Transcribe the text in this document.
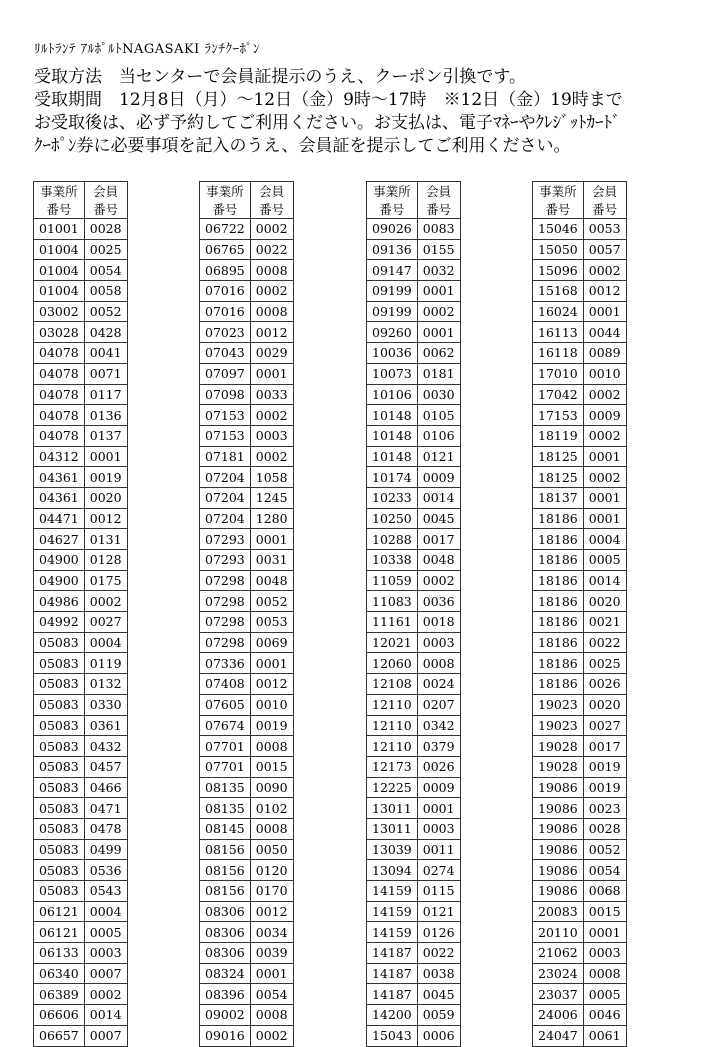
ﾘﾙﾄﾗﾝﾃ ｱﾙﾎﾟﾙﾄNAGASAKI ﾗﾝﾁｸｰﾎﾟﾝ
受取方法　当センターで会員証提示のうえ、クーポン引換です。
受取期間　12月8日（月）〜12日（金）9時〜17時　※12日（金）19時まで
お受取後は、必ず予約してご利用ください。お支払は、電子ﾏﾈｰやｸﾚｼﾞｯﾄｶｰﾄﾞ
ｸｰﾎﾟﾝ券に必要事項を記入のうえ、会員証を提示してご利用ください。
事業所番号	会員番号
01001	0028
01004	0025
01004	0054
01004	0058
03002	0052
03028	0428
04078	0041
04078	0071
04078	0117
04078	0136
04078	0137
04312	0001
04361	0019
04361	0020
04471	0012
04627	0131
04900	0128
04900	0175
04986	0002
04992	0027
05083	0004
05083	0119
05083	0132
05083	0330
05083	0361
05083	0432
05083	0457
05083	0466
05083	0471
05083	0478
05083	0499
05083	0536
05083	0543
06121	0004
06121	0005
06133	0003
06340	0007
06389	0002
06606	0014
06657	0007
事業所番号	会員番号
06722	0002
06765	0022
06895	0008
07016	0002
07016	0008
07023	0012
07043	0029
07097	0001
07098	0033
07153	0002
07153	0003
07181	0002
07204	1058
07204	1245
07204	1280
07293	0001
07293	0031
07298	0048
07298	0052
07298	0053
07298	0069
07336	0001
07408	0012
07605	0010
07674	0019
07701	0008
07701	0015
08135	0090
08135	0102
08145	0008
08156	0050
08156	0120
08156	0170
08306	0012
08306	0034
08306	0039
08324	0001
08396	0054
09002	0008
09016	0002
事業所番号	会員番号
09026	0083
09136	0155
09147	0032
09199	0001
09199	0002
09260	0001
10036	0062
10073	0181
10106	0030
10148	0105
10148	0106
10148	0121
10174	0009
10233	0014
10250	0045
10288	0017
10338	0048
11059	0002
11083	0036
11161	0018
12021	0003
12060	0008
12108	0024
12110	0207
12110	0342
12110	0379
12173	0026
12225	0009
13011	0001
13011	0003
13039	0011
13094	0274
14159	0115
14159	0121
14159	0126
14187	0022
14187	0038
14187	0045
14200	0059
15043	0006
事業所番号	会員番号
15046	0053
15050	0057
15096	0002
15168	0012
16024	0001
16113	0044
16118	0089
17010	0010
17042	0002
17153	0009
18119	0002
18125	0001
18125	0002
18137	0001
18186	0001
18186	0004
18186	0005
18186	0014
18186	0020
18186	0021
18186	0022
18186	0025
18186	0026
19023	0020
19023	0027
19028	0017
19028	0019
19086	0019
19086	0023
19086	0028
19086	0052
19086	0054
19086	0068
20083	0015
20110	0001
21062	0003
23024	0008
23037	0005
24006	0046
24047	0061
